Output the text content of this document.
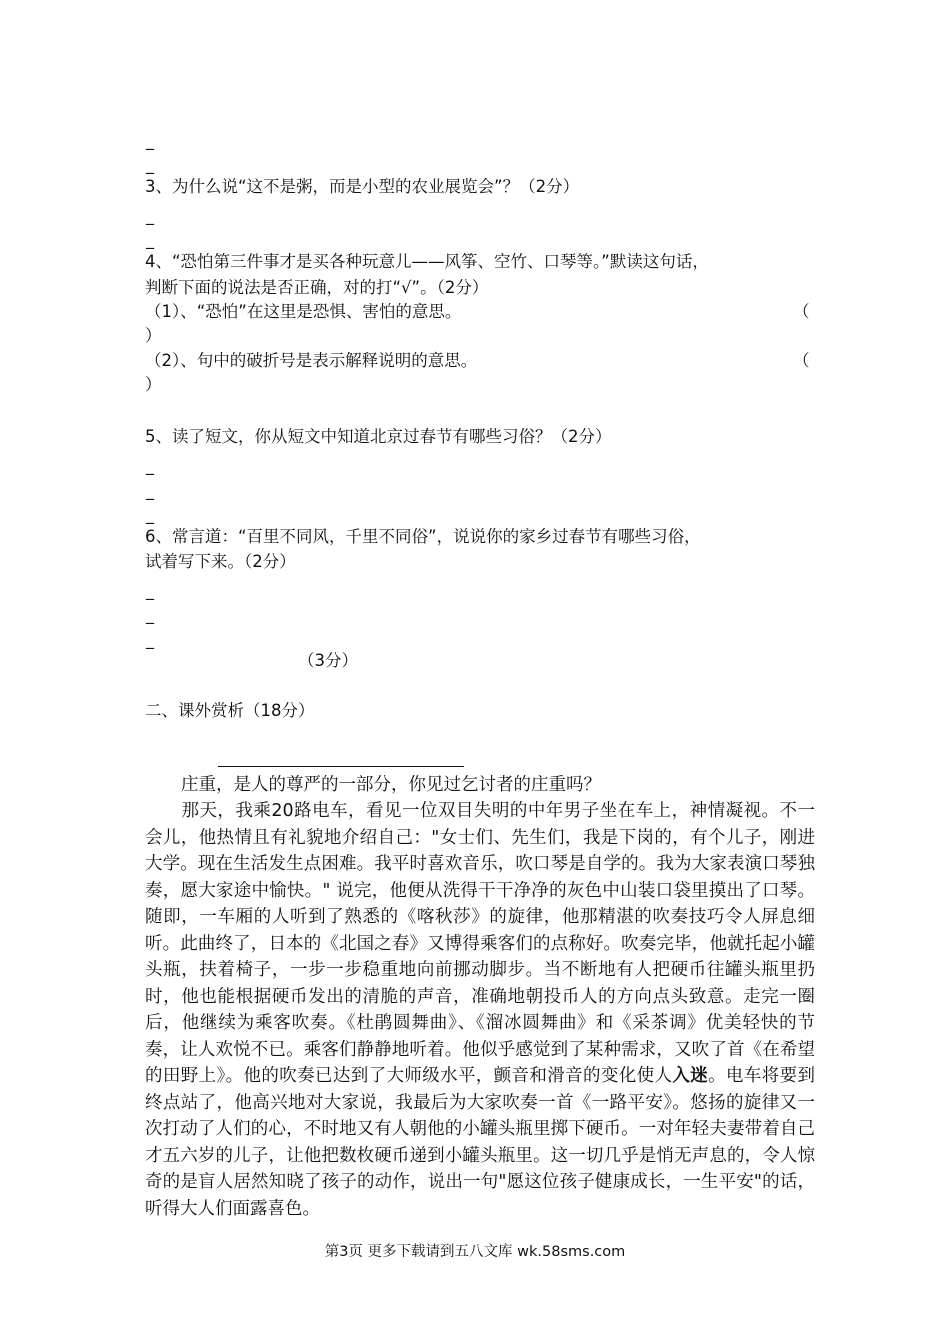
_
_
3、为什么说“这不是粥，而是小型的农业展览会”？（2分）
_
_
4、“恐怕第三件事才是买各种玩意儿——风筝、空竹、口琴等。”默读这句话，
判断下面的说法是否正确，对的打“√”。（2分）
（1）、“恐怕”在这里是恐惧、害怕的意思。	（
）
（2）、句中的破折号是表示解释说明的意思。	（
）
5、读了短文，你从短文中知道北京过春节有哪些习俗？（2分）
_
_
_
6、常言道：“百里不同风，千里不同俗”，说说你的家乡过春节有哪些习俗，
试着写下来。（2分）
_
_
_
（3分）
二、课外赏析（18分）
庄重，是人的尊严的一部分，你见过乞讨者的庄重吗？
那天，我乘20路电车，看见一位双目失明的中年男子坐在车上，神情凝视。不一会儿，他热情且有礼貌地介绍自己："女士们、先生们，我是下岗的，有个儿子，刚进大学。现在生活发生点困难。我平时喜欢音乐，吹口琴是自学的。我为大家表演口琴独奏，愿大家途中愉快。" 说完，他便从洗得干干净净的灰色中山装口袋里摸出了口琴。随即，一车厢的人听到了熟悉的《喀秋莎》的旋律，他那精湛的吹奏技巧令人屏息细听。此曲终了，日本的《北国之春》又博得乘客们的点称好。吹奏完毕，他就托起小罐头瓶，扶着椅子，一步一步稳重地向前挪动脚步。当不断地有人把硬币往罐头瓶里扔时，他也能根据硬币发出的清脆的声音，准确地朝投币人的方向点头致意。走完一圈后，他继续为乘客吹奏。《杜鹃圆舞曲》、《溜冰圆舞曲》和《采茶调》优美轻快的节奏，让人欢悦不已。乘客们静静地听着。他似乎感觉到了某种需求，又吹了首《在希望的田野上》。他的吹奏已达到了大师级水平，颤音和滑音的变化使人入迷。电车将要到终点站了，他高兴地对大家说，我最后为大家吹奏一首《一路平安》。悠扬的旋律又一次打动了人们的心，不时地又有人朝他的小罐头瓶里掷下硬币。一对年轻夫妻带着自己才五六岁的儿子，让他把数枚硬币递到小罐头瓶里。这一切几乎是悄无声息的，令人惊奇的是盲人居然知晓了孩子的动作，说出一句"愿这位孩子健康成长，一生平安"的话，听得大人们面露喜色。
第3页 更多下载请到五八文库 wk.58sms.com
